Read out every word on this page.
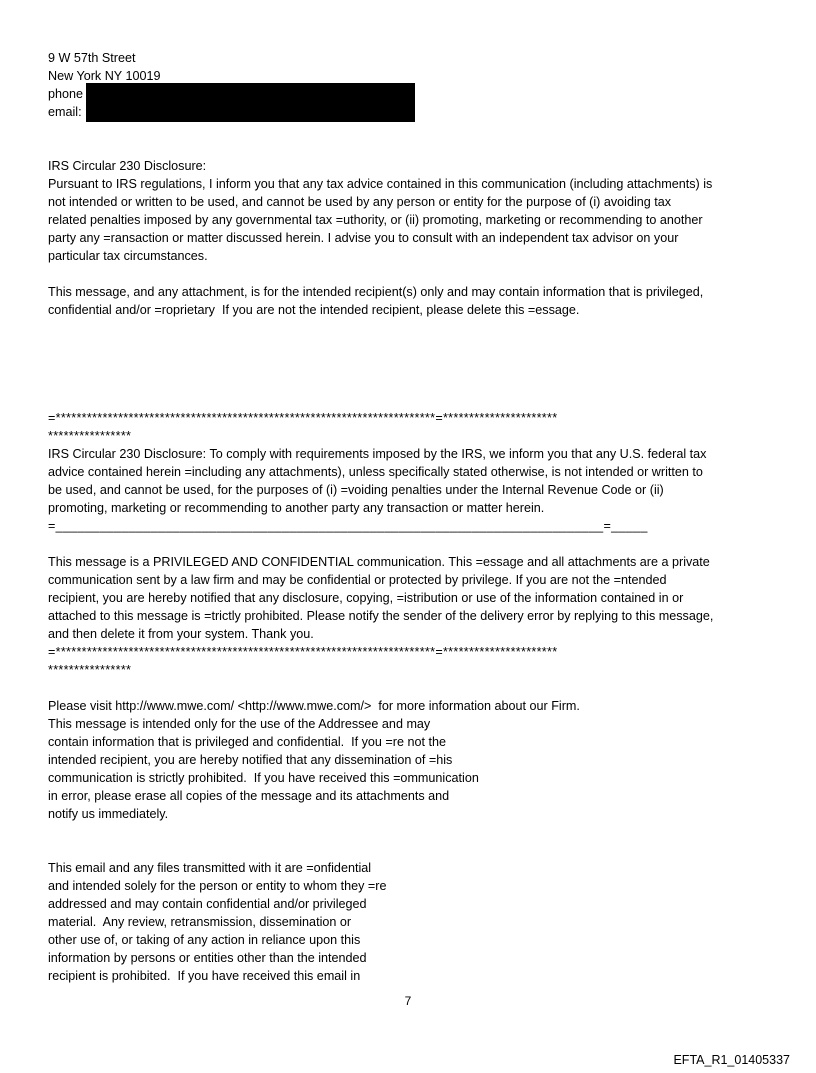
9 W 57th Street
New York NY 10019
phone
email:
IRS Circular 230 Disclosure:
Pursuant to IRS regulations, I inform you that any tax advice contained in this communication (including attachments) is
not intended or written to be used, and cannot be used by any person or entity for the purpose of (i) avoiding tax
related penalties imposed by any governmental tax =uthority, or (ii) promoting, marketing or recommending to another
party any =ransaction or matter discussed herein. I advise you to consult with an independent tax advisor on your
particular tax circumstances.
This message, and any attachment, is for the intended recipient(s) only and may contain information that is privileged,
confidential and/or =roprietary  If you are not the intended recipient, please delete this =essage.
=*************************************************************************=**********************
****************
IRS Circular 230 Disclosure: To comply with requirements imposed by the IRS, we inform you that any U.S. federal tax
advice contained herein =including any attachments), unless specifically stated otherwise, is not intended or written to
be used, and cannot be used, for the purposes of (i) =voiding penalties under the Internal Revenue Code or (ii)
promoting, marketing or recommending to another party any transaction or matter herein.
=___________________________________________________________________________=_____
This message is a PRIVILEGED AND CONFIDENTIAL communication. This =essage and all attachments are a private
communication sent by a law firm and may be confidential or protected by privilege. If you are not the =ntended
recipient, you are hereby notified that any disclosure, copying, =istribution or use of the information contained in or
attached to this message is =trictly prohibited. Please notify the sender of the delivery error by replying to this message,
and then delete it from your system. Thank you.
=*************************************************************************=**********************
****************
Please visit http://www.mwe.com/ <http://www.mwe.com/>  for more information about our Firm.
This message is intended only for the use of the Addressee and may
contain information that is privileged and confidential.  If you =re not the
intended recipient, you are hereby notified that any dissemination of =his
communication is strictly prohibited.  If you have received this =ommunication
in error, please erase all copies of the message and its attachments and
notify us immediately.
This email and any files transmitted with it are =onfidential
and intended solely for the person or entity to whom they =re
addressed and may contain confidential and/or privileged
material.  Any review, retransmission, dissemination or
other use of, or taking of any action in reliance upon this
information by persons or entities other than the intended
recipient is prohibited.  If you have received this email in
7
EFTA_R1_01405337
